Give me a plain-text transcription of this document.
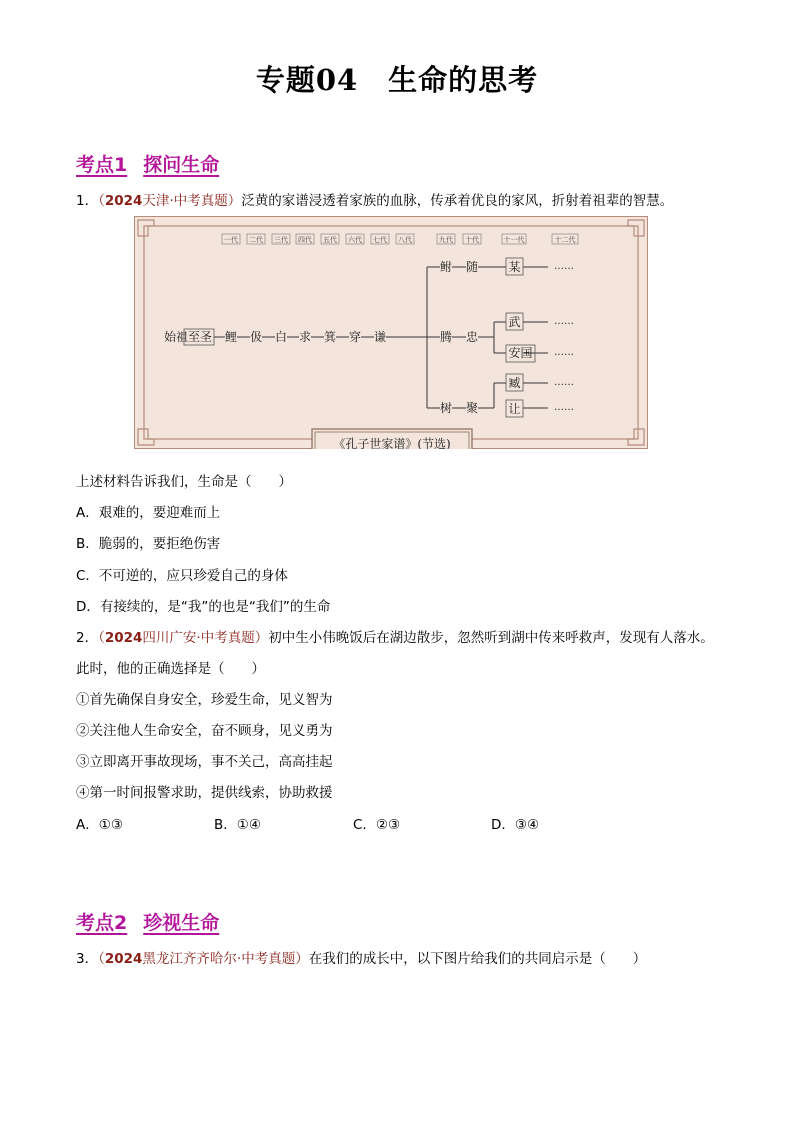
专题04 生命的思考
考点1 探问生命
1．（2024天津·中考真题）泛黄的家谱浸透着家族的血脉，传承着优良的家风，折射着祖辈的智慧。
一代 二代 三代 四代 五代 六代 七代 八代	九代 十代	十一代	十二代
始祖至圣 鲤 伋 白 求 箕 穿 谦
鲋
腾
树
随
忠
聚
某
武
安国
臧
让
……
……
……
……
……
《孔子世家谱》(节选)
上述材料告诉我们，生命是（　　）
A．艰难的，要迎难而上
B．脆弱的，要拒绝伤害
C．不可逆的，应只珍爱自己的身体
D．有接续的，是“我”的也是“我们”的生命
2．（2024四川广安·中考真题）初中生小伟晚饭后在湖边散步，忽然听到湖中传来呼救声，发现有人落水。
此时，他的正确选择是（　　）
①首先确保自身安全，珍爱生命，见义智为
②关注他人生命安全，奋不顾身，见义勇为
③立即离开事故现场，事不关己，高高挂起
④第一时间报警求助，提供线索，协助救援
A．①③	B．①④	C．②③	D．③④
考点2 珍视生命
3．（2024黑龙江齐齐哈尔·中考真题）在我们的成长中，以下图片给我们的共同启示是（　　）
